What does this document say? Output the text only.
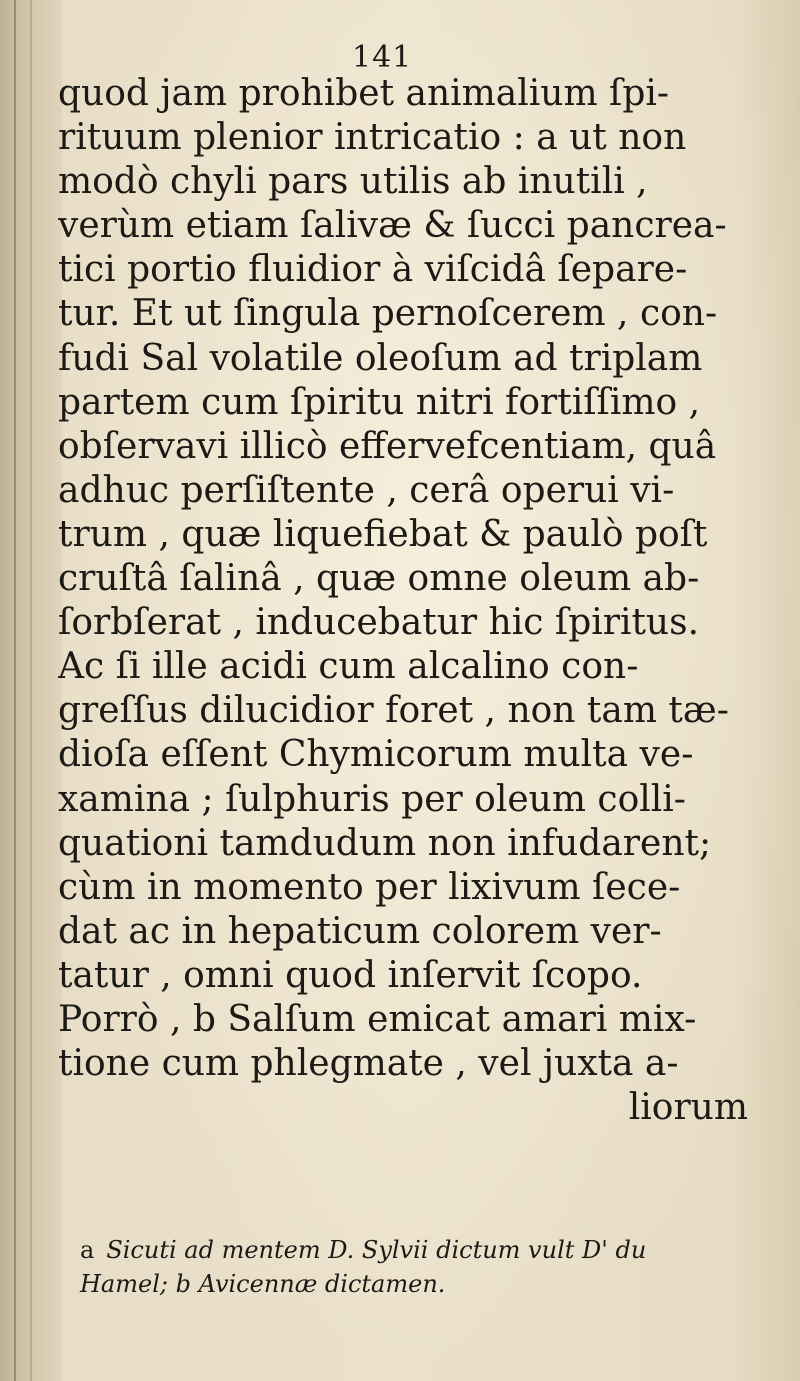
141
quod jam prohibet animalium ſpi-
rituum plenior intricatio : a ut non
modò chyli pars utilis ab inutili ,
verùm etiam ſalivæ & ſucci pancrea-
tici portio fluidior à viſcidâ ſepare-
tur. Et ut ſingula pernoſcerem , con-
fudi Sal volatile oleoſum ad triplam
partem cum ſpiritu nitri fortiſſimo ,
obſervavi illicò effervefcentiam, quâ
adhuc perſiſtente , cerâ operui vi-
trum , quæ liquefiebat & paulò poſt
cruſtâ ſalinâ , quæ omne oleum ab-
ſorbſerat , inducebatur hic ſpiritus.
Ac ſi ille acidi cum alcalino con-
greſſus dilucidior foret , non tam tæ-
dioſa eſſent Chymicorum multa ve-
xamina ; ſulphuris per oleum colli-
quationi tamdudum non infudarent;
cùm in momento per lixivum ſece-
dat ac in hepaticum colorem ver-
tatur , omni quod inſervit ſcopo.
Porrò , b Salſum emicat amari mix-
tione cum phlegmate , vel juxta a-
liorum
a Sicuti ad mentem D. Sylvii dictum vult D' du
Hamel; b Avicennæ dictamen.
